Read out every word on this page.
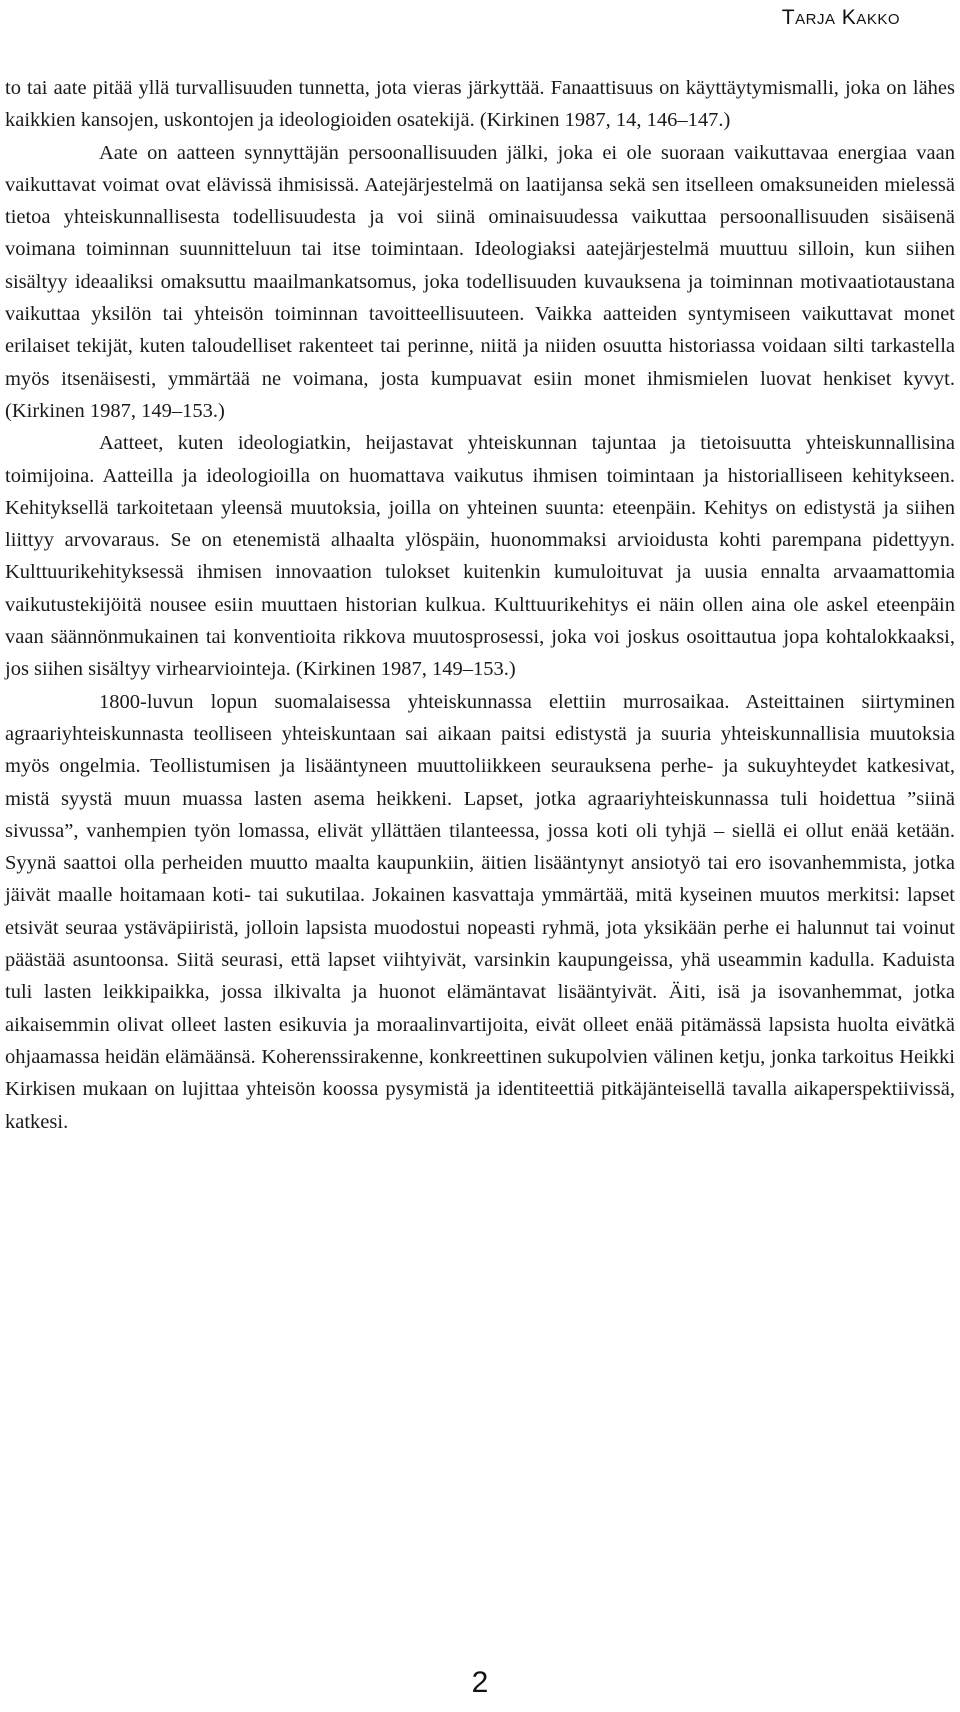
Tarja Kakko

to tai aate pitää yllä turvallisuuden tunnetta, jota vieras järkyttää. Fanaattisuus on käyttäytymismalli, joka on lähes kaikkien kansojen, uskontojen ja ideologioiden osatekijä. (Kirkinen 1987, 14, 146–147.)

Aate on aatteen synnyttäjän persoonallisuuden jälki, joka ei ole suoraan vaikuttavaa energiaa vaan vaikuttavat voimat ovat elävissä ihmisissä. Aatejärjestelmä on laatijansa sekä sen itselleen omaksuneiden mielessä tietoa yhteiskunnallisesta todellisuudesta ja voi siinä ominaisuudessa vaikuttaa persoonallisuuden sisäisenä voimana toiminnan suunnitteluun tai itse toimintaan. Ideologiaksi aatejärjestelmä muuttuu silloin, kun siihen sisältyy ideaaliksi omaksuttu maailmankatsomus, joka todellisuuden kuvauksena ja toiminnan motivaatiotaustana vaikuttaa yksilön tai yhteisön toiminnan tavoitteellisuuteen. Vaikka aatteiden syntymiseen vaikuttavat monet erilaiset tekijät, kuten taloudelliset rakenteet tai perinne, niitä ja niiden osuutta historiassa voidaan silti tarkastella myös itsenäisesti, ymmärtää ne voimana, josta kumpuavat esiin monet ihmismielen luovat henkiset kyvyt. (Kirkinen 1987, 149–153.)

Aatteet, kuten ideologiatkin, heijastavat yhteiskunnan tajuntaa ja tietoisuutta yhteiskunnallisina toimijoina. Aatteilla ja ideologioilla on huomattava vaikutus ihmisen toimintaan ja historialliseen kehitykseen. Kehityksellä tarkoitetaan yleensä muutoksia, joilla on yhteinen suunta: eteenpäin. Kehitys on edistystä ja siihen liittyy arvovaraus. Se on etenemistä alhaalta ylöspäin, huonommaksi arvioidusta kohti parempana pidettyyn. Kulttuurikehityksessä ihmisen innovaation tulokset kuitenkin kumuloituvat ja uusia ennalta arvaamattomia vaikutustekijöitä nousee esiin muuttaen historian kulkua. Kulttuurikehitys ei näin ollen aina ole askel eteenpäin vaan säännönmukainen tai konventioita rikkova muutosprosessi, joka voi joskus osoittautua jopa kohtalokkaaksi, jos siihen sisältyy virhearviointeja. (Kirkinen 1987, 149–153.)

1800-luvun lopun suomalaisessa yhteiskunnassa elettiin murrosaikaa. Asteittainen siirtyminen agraariyhteiskunnasta teolliseen yhteiskuntaan sai aikaan paitsi edistystä ja suuria yhteiskunnallisia muutoksia myös ongelmia. Teollistumisen ja lisääntyneen muuttoliikkeen seurauksena perhe- ja sukuyhteydet katkesivat, mistä syystä muun muassa lasten asema heikkeni. Lapset, jotka agraariyhteiskunnassa tuli hoidettua ”siinä sivussa”, vanhempien työn lomassa, elivät yllättäen tilanteessa, jossa koti oli tyhjä – siellä ei ollut enää ketään. Syynä saattoi olla perheiden muutto maalta kaupunkiin, äitien lisääntynyt ansiotyö tai ero isovanhemmista, jotka jäivät maalle hoitamaan koti- tai sukutilaa. Jokainen kasvattaja ymmärtää, mitä kyseinen muutos merkitsi: lapset etsivät seuraa ystäväpiiristä, jolloin lapsista muodostui nopeasti ryhmä, jota yksikään perhe ei halunnut tai voinut päästää asuntoonsa. Siitä seurasi, että lapset viihtyivät, varsinkin kaupungeissa, yhä useammin kadulla. Kaduista tuli lasten leikkipaikka, jossa ilkivalta ja huonot elämäntavat lisääntyivät. Äiti, isä ja isovanhemmat, jotka aikaisemmin olivat olleet lasten esikuvia ja moraalinvartijoita, eivät olleet enää pitämässä lapsista huolta eivätkä ohjaamassa heidän elämäänsä. Koherenssirakenne, konkreettinen sukupolvien välinen ketju, jonka tarkoitus Heikki Kirkisen mukaan on lujittaa yhteisön koossa pysymistä ja identiteettiä pitkäjänteisellä tavalla aikaperspektiivissä, katkesi.

2
